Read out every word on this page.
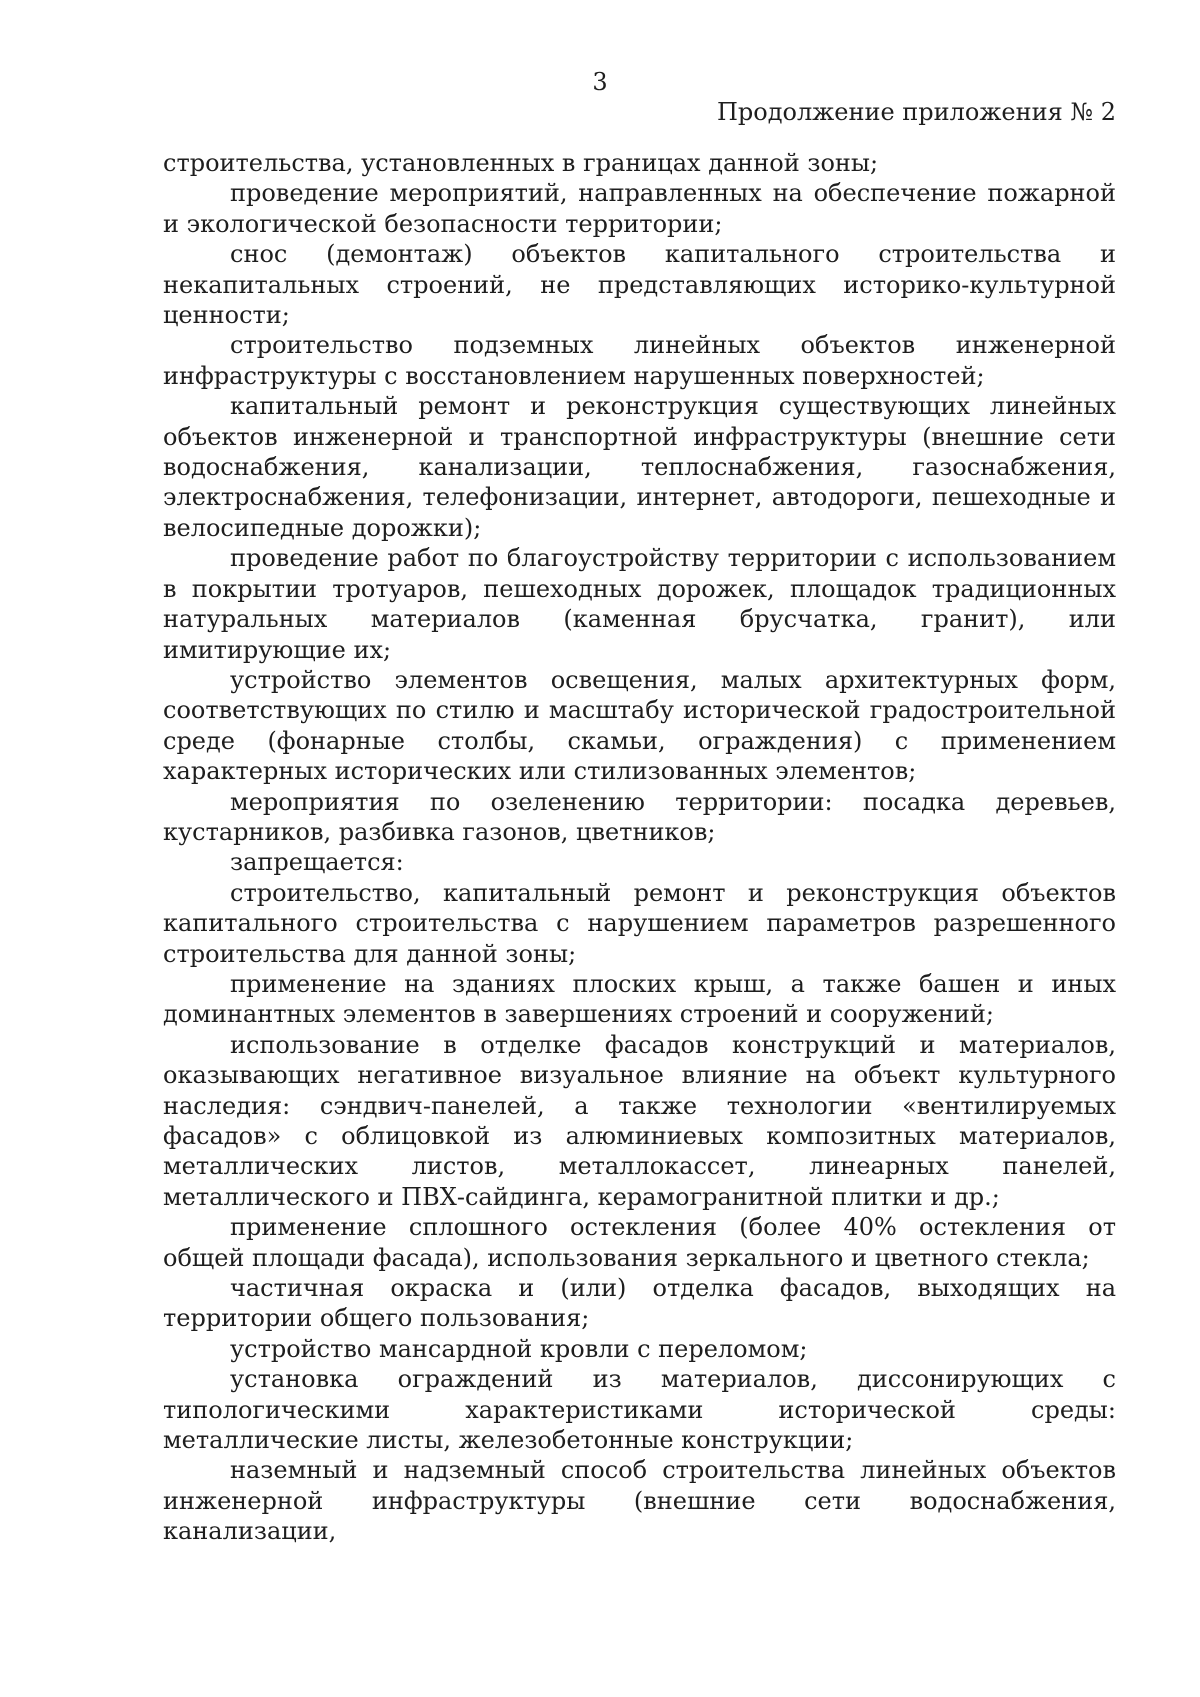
3
Продолжение приложения № 2

строительства, установленных в границах данной зоны;

проведение мероприятий, направленных на обеспечение пожарной и экологической безопасности территории;

снос (демонтаж) объектов капитального строительства и некапитальных строений, не представляющих историко-культурной ценности;

строительство подземных линейных объектов инженерной инфраструктуры с восстановлением нарушенных поверхностей;

капитальный ремонт и реконструкция существующих линейных объектов инженерной и транспортной инфраструктуры (внешние сети водоснабжения, канализации, теплоснабжения, газоснабжения, электроснабжения, телефонизации, интернет, автодороги, пешеходные и велосипедные дорожки);

проведение работ по благоустройству территории с использованием в покрытии тротуаров, пешеходных дорожек, площадок традиционных натуральных материалов (каменная брусчатка, гранит), или имитирующие их;

устройство элементов освещения, малых архитектурных форм, соответствующих по стилю и масштабу исторической градостроительной среде (фонарные столбы, скамьи, ограждения) с применением характерных исторических или стилизованных элементов;

мероприятия по озеленению территории: посадка деревьев, кустарников, разбивка газонов, цветников;

запрещается:

строительство, капитальный ремонт и реконструкция объектов капитального строительства с нарушением параметров разрешенного строительства для данной зоны;

применение на зданиях плоских крыш, а также башен и иных доминантных элементов в завершениях строений и сооружений;

использование в отделке фасадов конструкций и материалов, оказывающих негативное визуальное влияние на объект культурного наследия: сэндвич-панелей, а также технологии «вентилируемых фасадов» с облицовкой из алюминиевых композитных материалов, металлических листов, металлокассет, линеарных панелей, металлического и ПВХ-сайдинга, керамогранитной плитки и др.;

применение сплошного остекления (более 40% остекления от общей площади фасада), использования зеркального и цветного стекла;

частичная окраска и (или) отделка фасадов, выходящих на территории общего пользования;

устройство мансардной кровли с переломом;

установка ограждений из материалов, диссонирующих с типологическими характеристиками исторической среды: металлические листы, железобетонные конструкции;

наземный и надземный способ строительства линейных объектов инженерной инфраструктуры (внешние сети водоснабжения, канализации,
